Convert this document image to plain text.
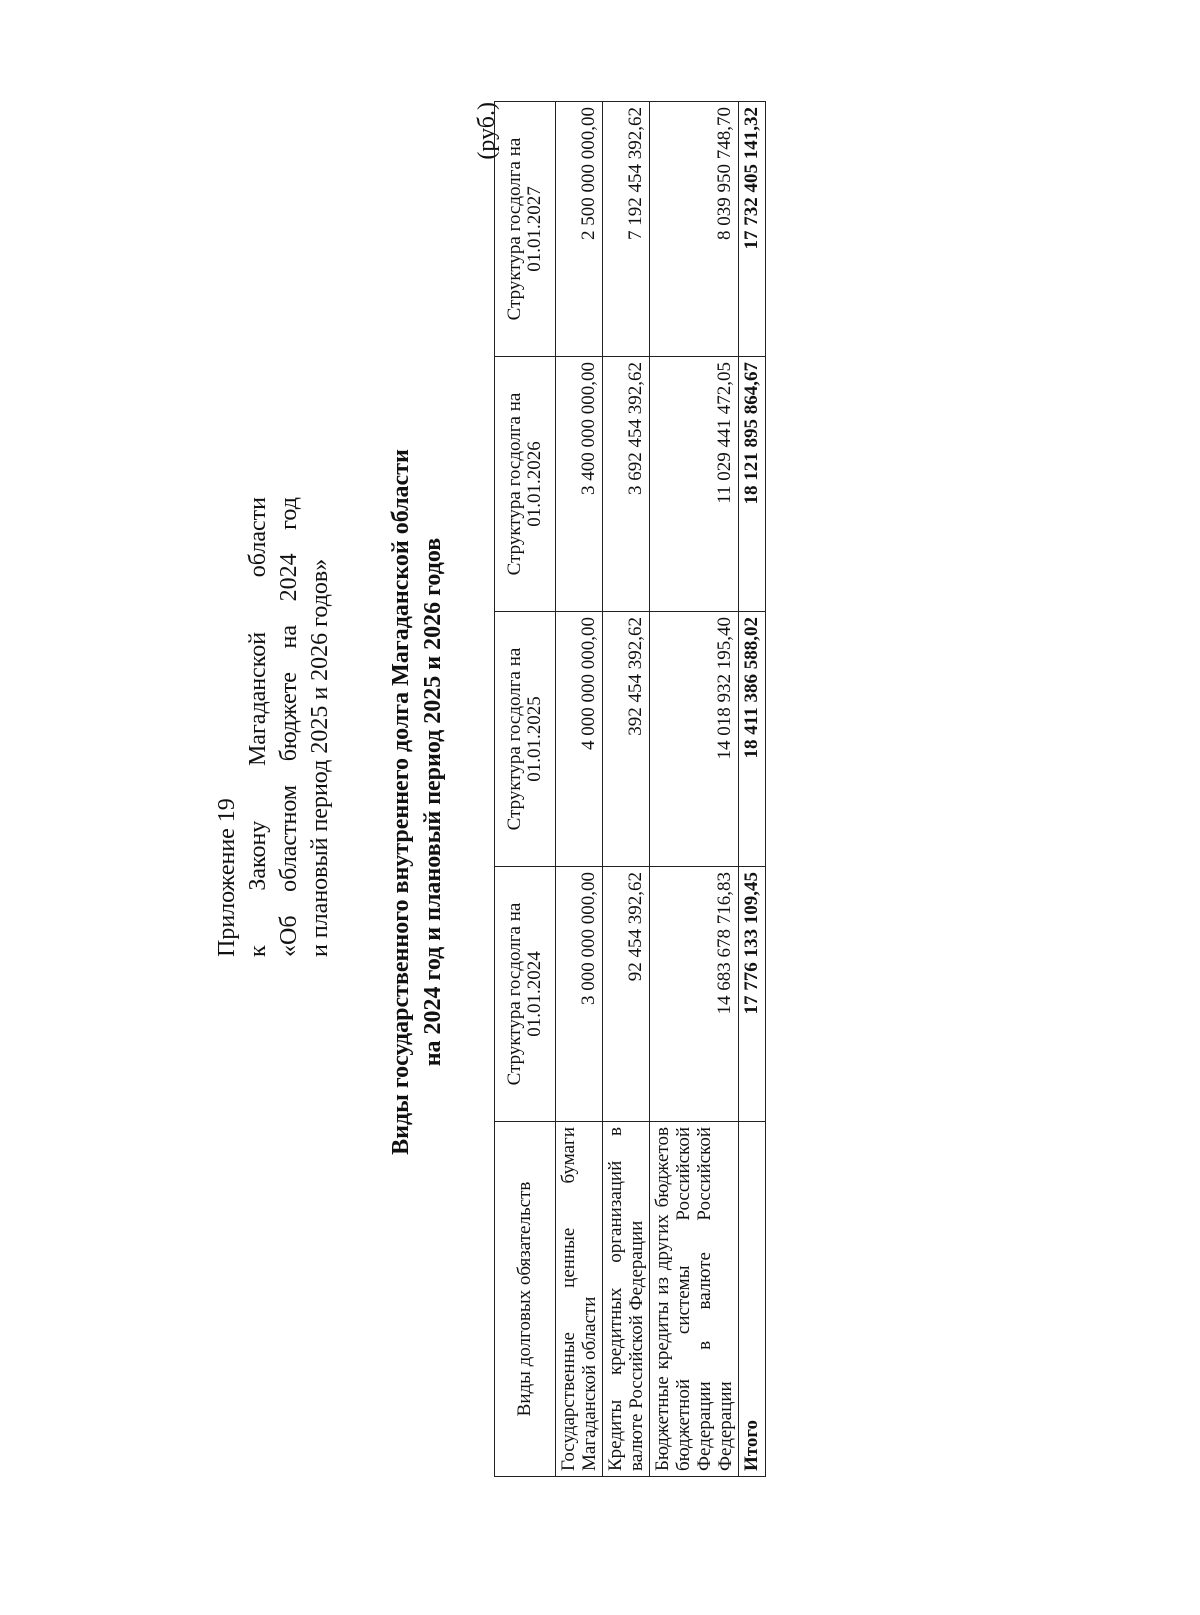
Приложение 19 к
Закону
Магаданской
области
«Об
областном
бюджете
на
2024
год
и плановый период 2025 и 2026 годов» Виды государственного внутреннего долга Магаданской области на 2024 год и плановый период 2025 и 2026 годов
(руб.)
Виды долговых обязательств	Структура госдолга на 01.01.2024	Структура госдолга на 01.01.2025	Структура госдолга на 01.01.2026	Структура госдолга на 01.01.2027
Государственные ценные бумаги Магаданской области	3 000 000 000,00	4 000 000 000,00	3 400 000 000,00	2 500 000 000,00
Кредиты кредитных организаций в валюте Российской Федерации	92 454 392,62	392 454 392,62	3 692 454 392,62	7 192 454 392,62
Бюджетные кредиты из других бюджетов бюджетной системы Российской Федерации в валюте Российской Федерации	14 683 678 716,83	14 018 932 195,40	11 029 441 472,05	8 039 950 748,70
Итого	17 776 133 109,45	18 411 386 588,02	18 121 895 864,67	17 732 405 141,32
